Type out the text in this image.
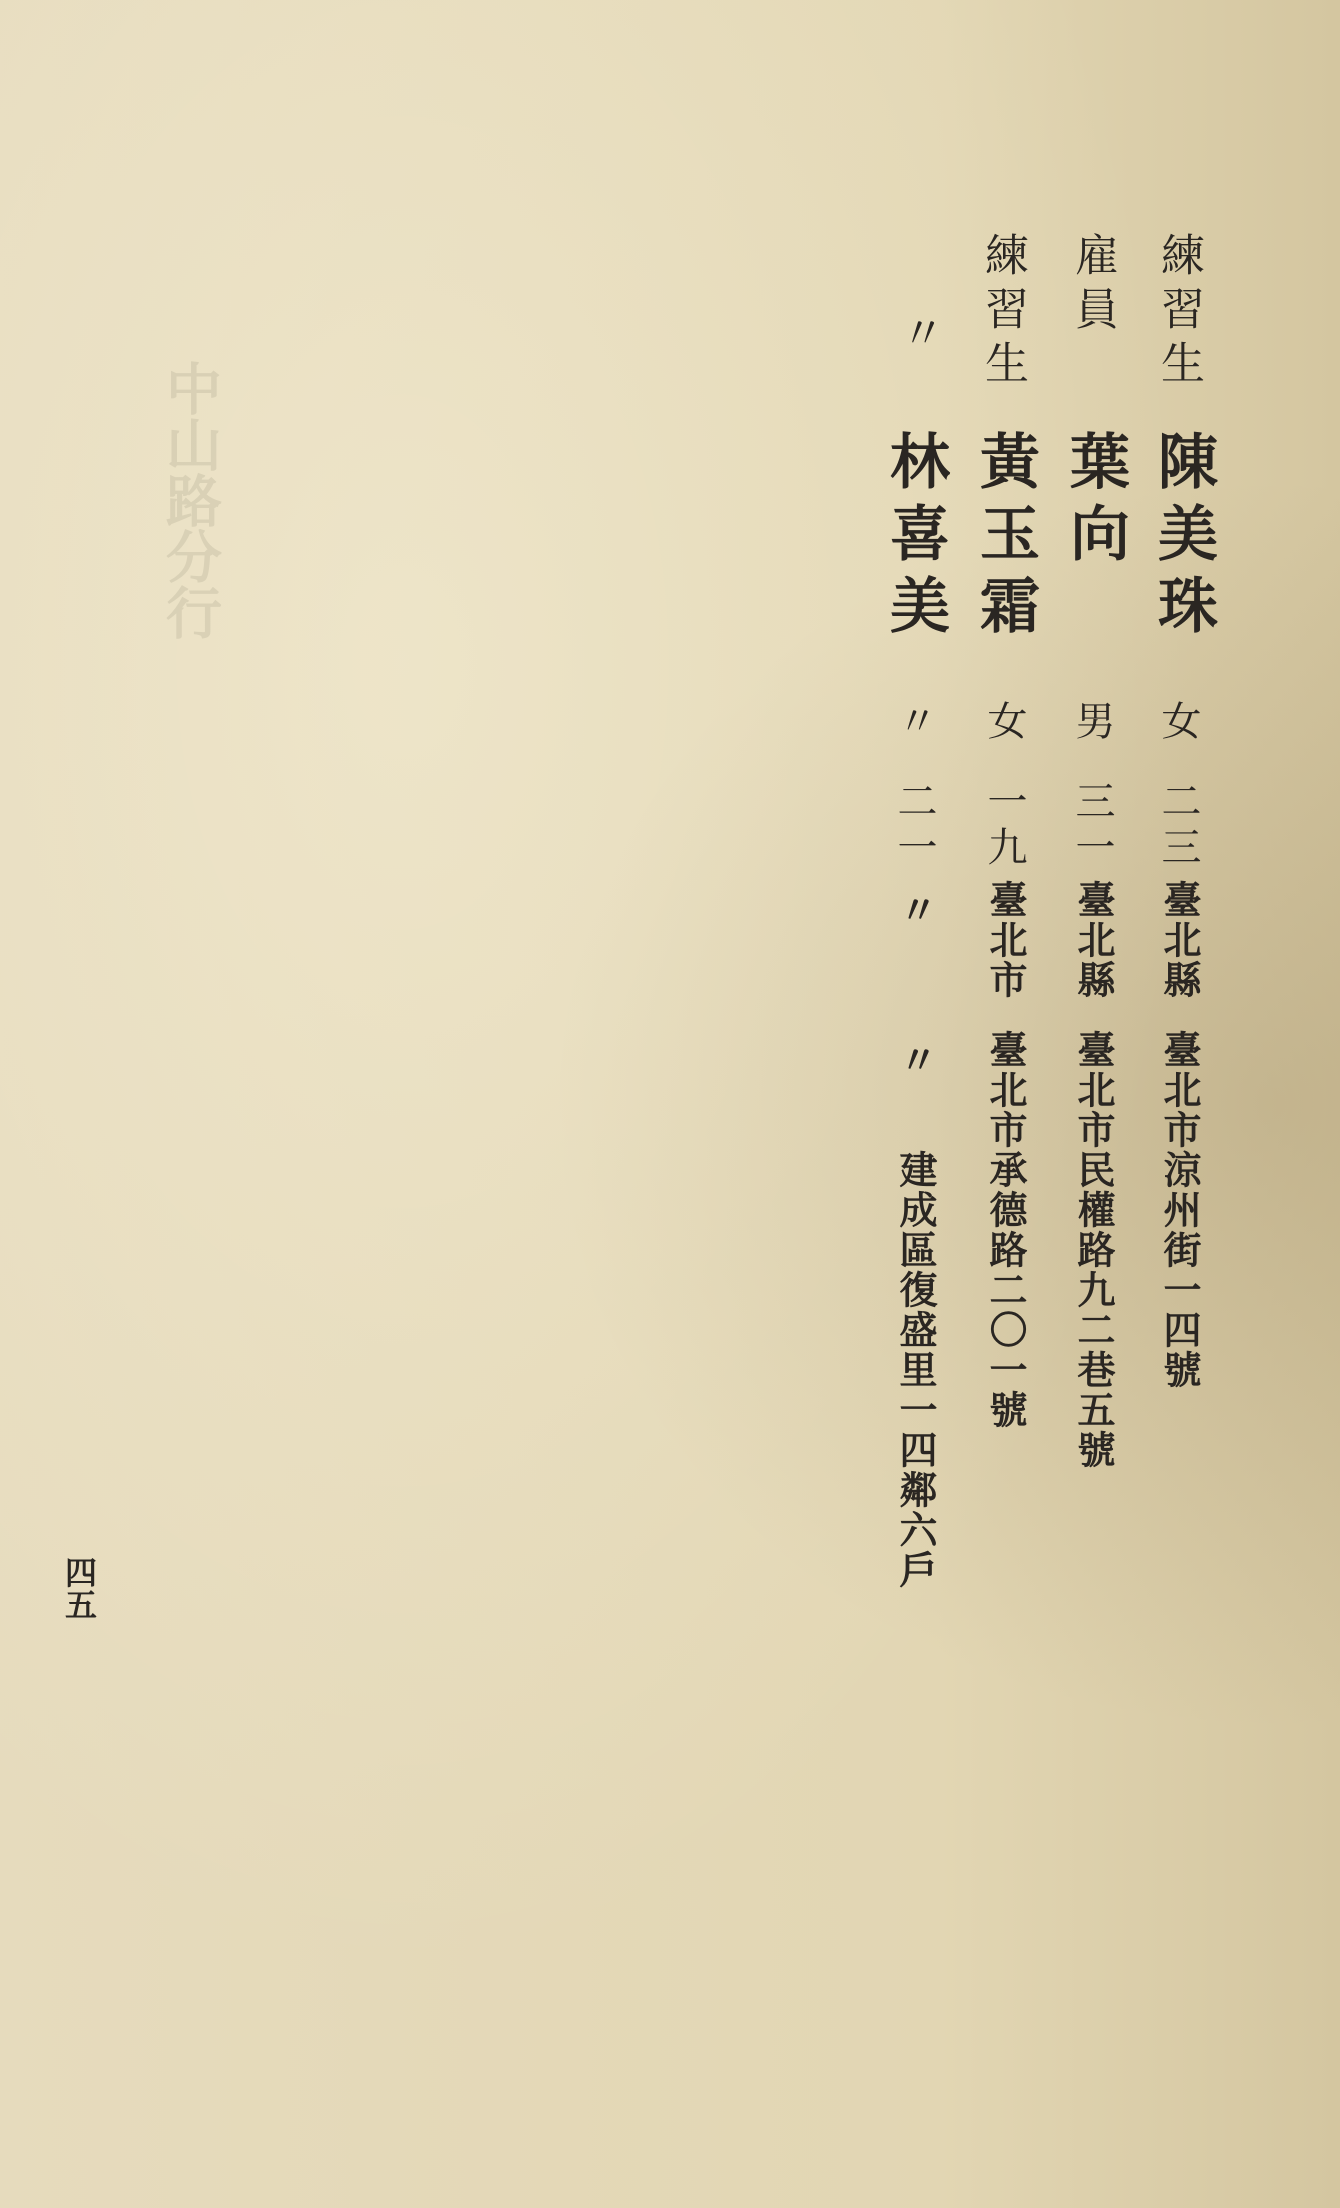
中山路分行
練習生
陳美珠
女
二三
臺北縣
臺北市涼州街一四號
雇員
葉向
男
三一
臺北縣
臺北市民權路九二巷五號
練習生
黃玉霜
女
一九
臺北市
臺北市承德路二〇一號
〃
林喜美
〃
二一
〃
〃
建成區復盛里一四鄰六戶
四五
